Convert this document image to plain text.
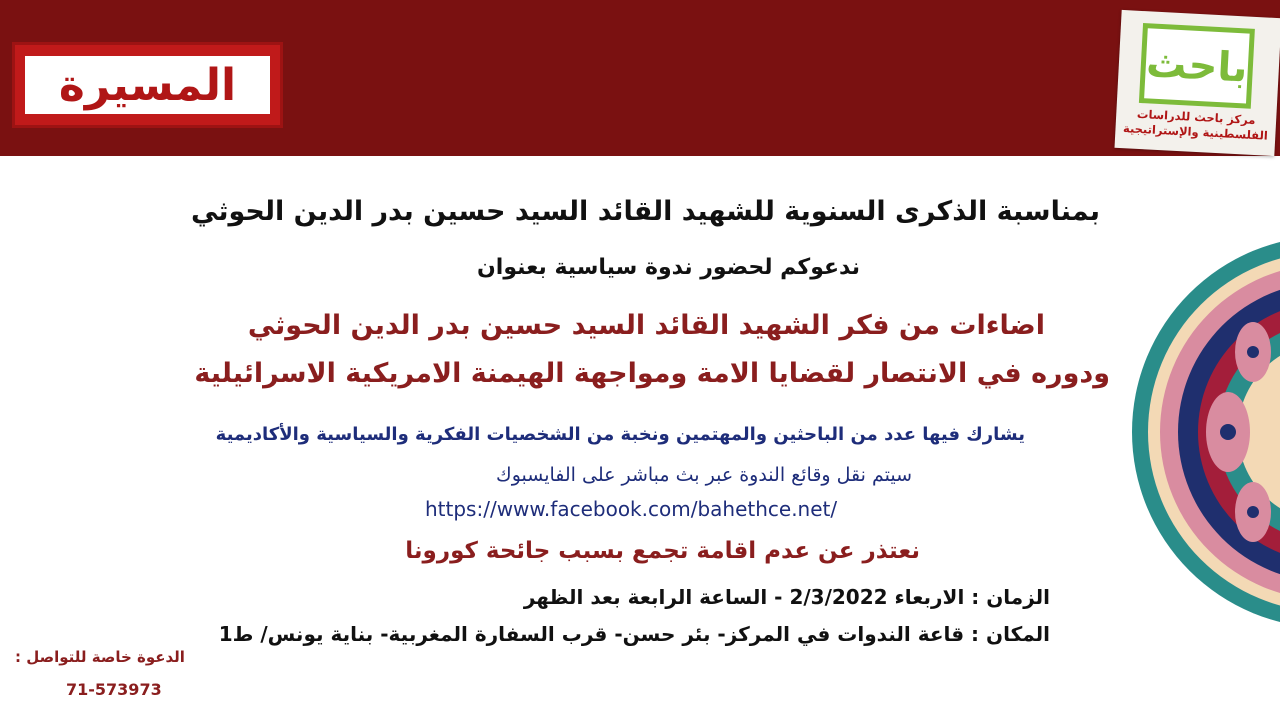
المسيرة	باحث
مركز باحث للدراسات
الفلسطينية والإستراتيجية
بمناسبة الذكرى السنوية للشهيد القائد السيد حسين بدر الدين الحوثي
ندعوكم لحضور ندوة سياسية بعنوان
اضاءات من فكر الشهيد القائد السيد حسين بدر الدين الحوثي
ودوره في الانتصار لقضايا الامة ومواجهة الهيمنة الامريكية الاسرائيلية
يشارك فيها عدد من الباحثين والمهتمين ونخبة من الشخصيات الفكرية والسياسية والأكاديمية
سيتم نقل وقائع الندوة عبر بث مباشر على الفايسبوك
https://www.facebook.com/bahethce.net/
نعتذر عن عدم اقامة تجمع بسبب جائحة كورونا
الزمان : الاربعاء 2/3/2022 - الساعة الرابعة بعد الظهر
المكان : قاعة الندوات في المركز- بئر حسن- قرب السفارة المغربية- بناية يونس/ ط1
الدعوة خاصة للتواصل :
71-573973
